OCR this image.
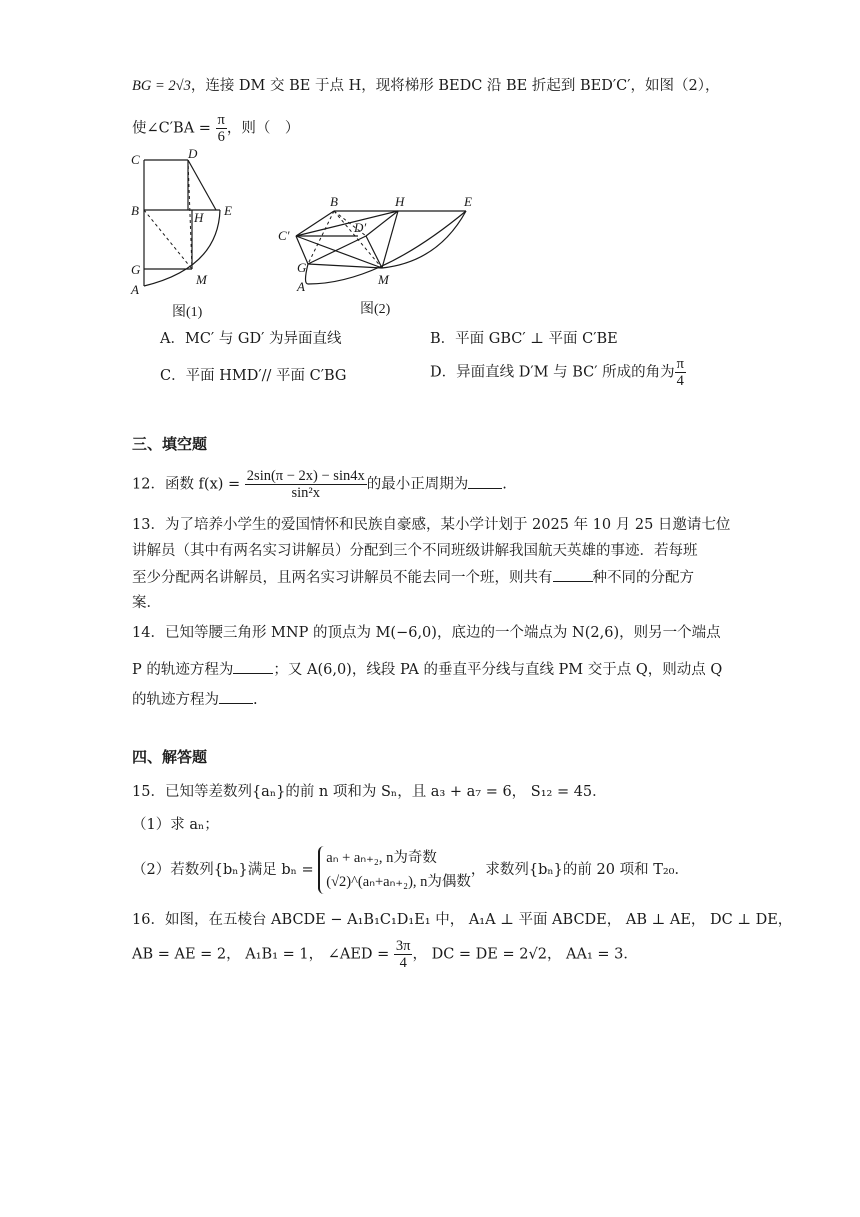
BG = 2√3，连接 DM 交 BE 于点 H，现将梯形 BEDC 沿 BE 折起到 BED′C′，如图（2），
使∠C′BA = $\frac{\pi}{6}$ ，则（　）
C	D
B	H E
G
M
A
图(1)
B	H	E
C′
D′
G
A	M
图(2)
A．MC′ 与 GD′ 为异面直线	B．平面 GBC′ ⊥ 平面 C′BE
C．平面 HMD′// 平面 C′BG	D．异面直线 D′M 与 BC′ 所成的角为 $\frac{\pi}{4}$
三、填空题
12．函数 $f(x) = \frac{2\sin(\pi - 2x) - \sin 4x}{\text{sin²x}}$ 的最小正周期为 .
13．为了培养小学生的爱国情怀和民族自豪感，某小学计划于 2025 年 10 月 25 日邀请七位
讲解员（其中有两名实习讲解员）分配到三个不同班级讲解我国航天英雄的事迹．若每班
至少分配两名讲解员，且两名实习讲解员不能去同一个班，则共有	种不同的分配方
案．
14．已知等腰三角形 MNP 的顶点为 M(−6,0)，底边的一个端点为 N(2,6)，则另一个端点
P 的轨迹方程为	；又 A(6,0)，线段 PA 的垂直平分线与直线 PM 交于点 Q，则动点 Q
的轨迹方程为 .
四、解答题
15．已知等差数列{aₙ}的前 n 项和为 Sₙ，且 a₃ + a₇ = 6， S₁₂ = 45．
（1）求 aₙ；
（2）若数列{bₙ}满足 bₙ =
aₙ + aₙ₊₂, n为奇数
(√2)^(aₙ+aₙ₊₂), n为偶数
，求数列{bₙ}的前 20 项和 T₂₀．
16．如图，在五棱台 ABCDE − A₁B₁C₁D₁E₁ 中， A₁A ⊥ 平面 ABCDE， AB ⊥ AE， DC ⊥ DE，
AB = AE = 2， A₁B₁ = 1， ∠AED = $\frac{3\pi}{4}$ ， DC = DE = 2√2， AA₁ = 3．
